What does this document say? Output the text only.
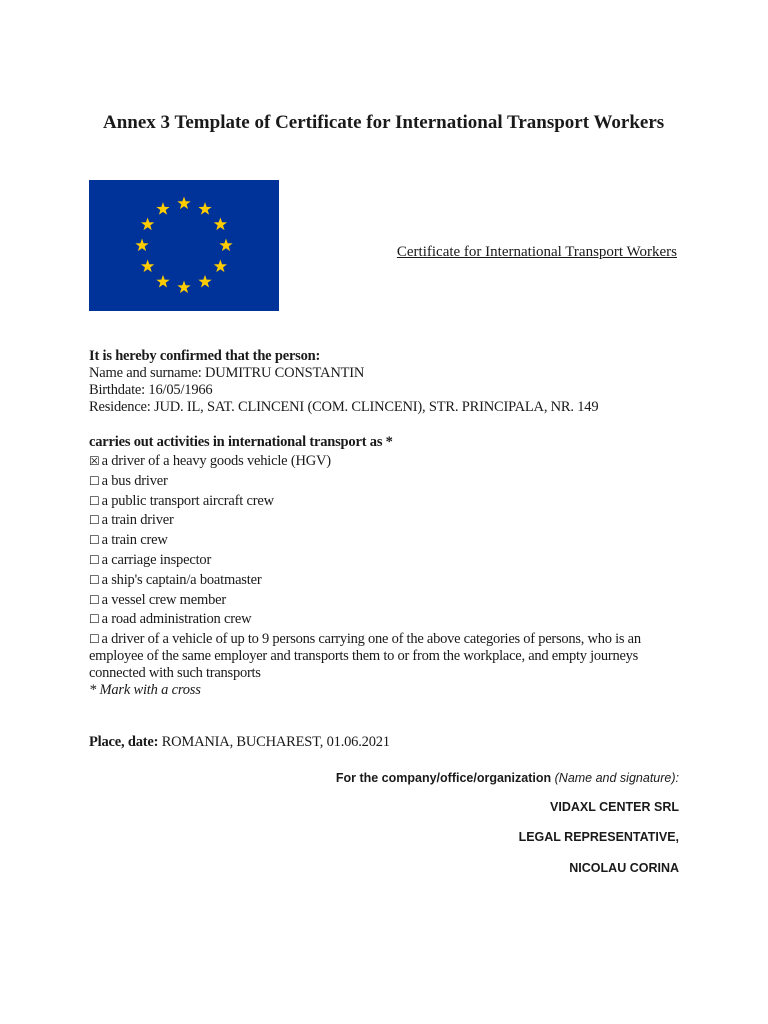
Annex 3 Template of Certificate for International Transport Workers

Certificate for International Transport Workers
It is hereby confirmed that the person:
Name and surname: DUMITRU CONSTANTIN
Birthdate: 16/05/1966
Residence: JUD. IL, SAT. CLINCENI (COM. CLINCENI), STR. PRINCIPALA, NR. 149
carries out activities in international transport as *
☒ a driver of a heavy goods vehicle (HGV)
☐ a bus driver
☐ a public transport aircraft crew
☐ a train driver
☐ a train crew
☐ a carriage inspector
☐ a ship's captain/a boatmaster
☐ a vessel crew member
☐ a road administration crew
☐ a driver of a vehicle of up to 9 persons carrying one of the above categories of persons, who is an employee of the same employer and transports them to or from the workplace, and empty journeys connected with such transports
* Mark with a cross
Place, date: ROMANIA, BUCHAREST, 01.06.2021
For the company/office/organization (Name and signature):
VIDAXL CENTER SRL
LEGAL REPRESENTATIVE,
NICOLAU CORINA
